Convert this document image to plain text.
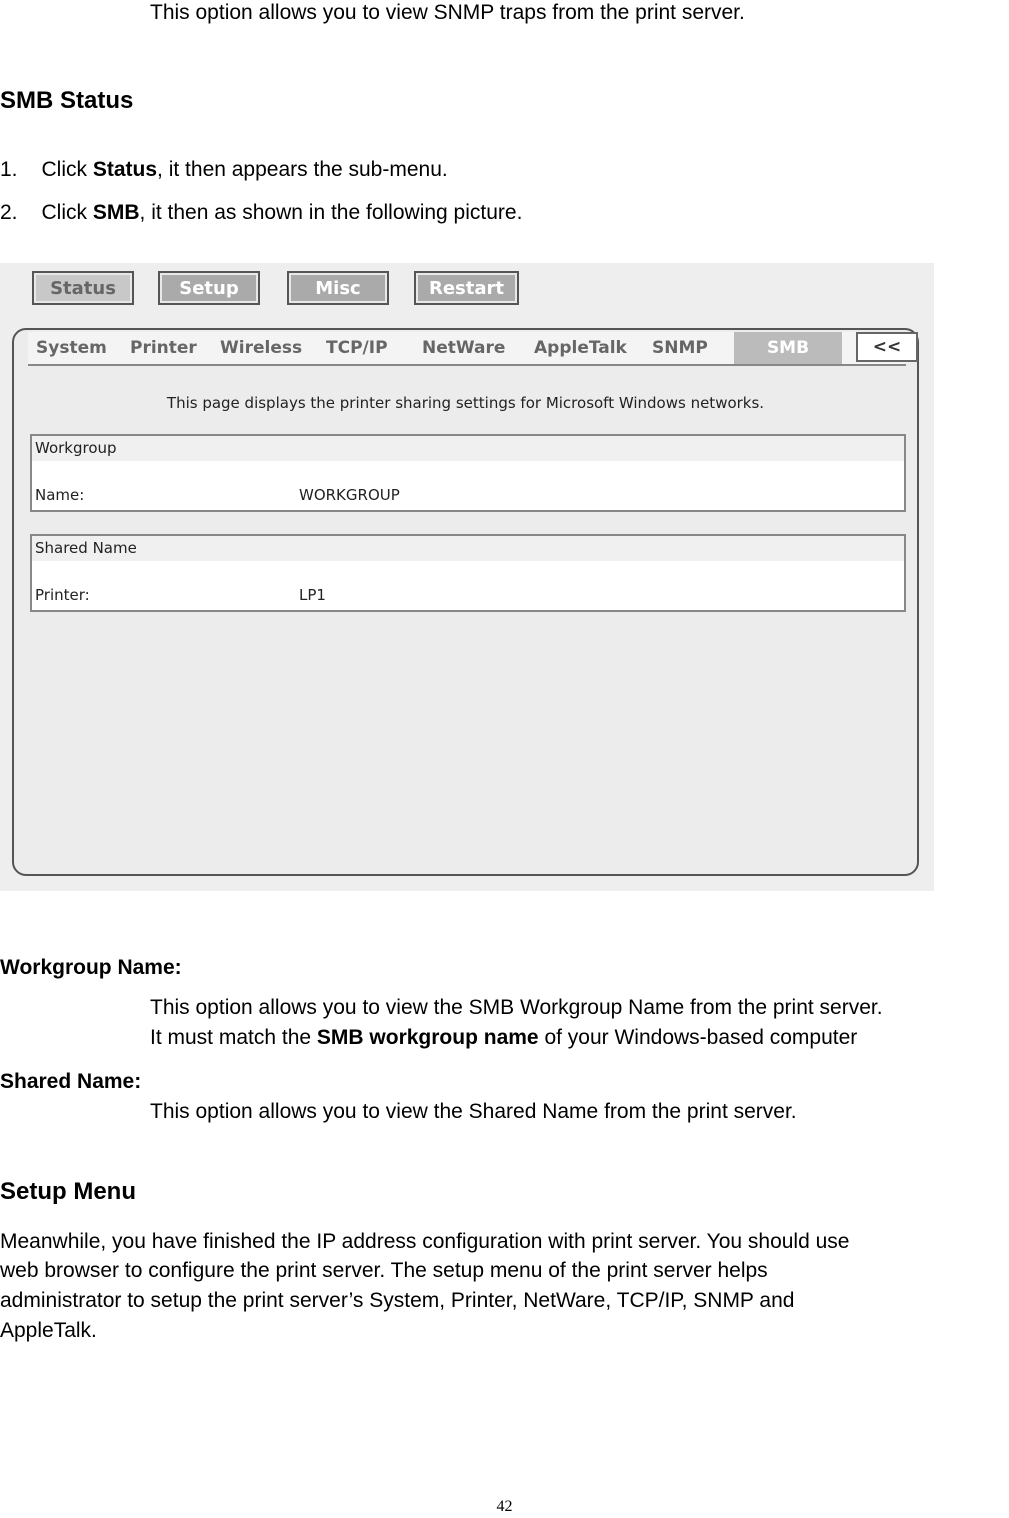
This option allows you to view SNMP traps from the print server.
SMB Status
1. Click Status, it then appears the sub-menu.
2. Click SMB, it then as shown in the following picture.
Status	Setup	Misc	Restart
System Printer Wireless TCP/IP NetWare AppleTalk SNMP	SMB	<<
This page displays the printer sharing settings for Microsoft Windows networks.
Workgroup
Name:	WORKGROUP
Shared Name
Printer:	LP1
Workgroup Name:
This option allows you to view the SMB Workgroup Name from the print server.
It must match the SMB workgroup name of your Windows-based computer
Shared Name:
This option allows you to view the Shared Name from the print server.
Setup Menu
Meanwhile, you have finished the IP address configuration with print server. You should use
web browser to configure the print server. The setup menu of the print server helps
administrator to setup the print server’s System, Printer, NetWare, TCP/IP, SNMP and
AppleTalk.
42
